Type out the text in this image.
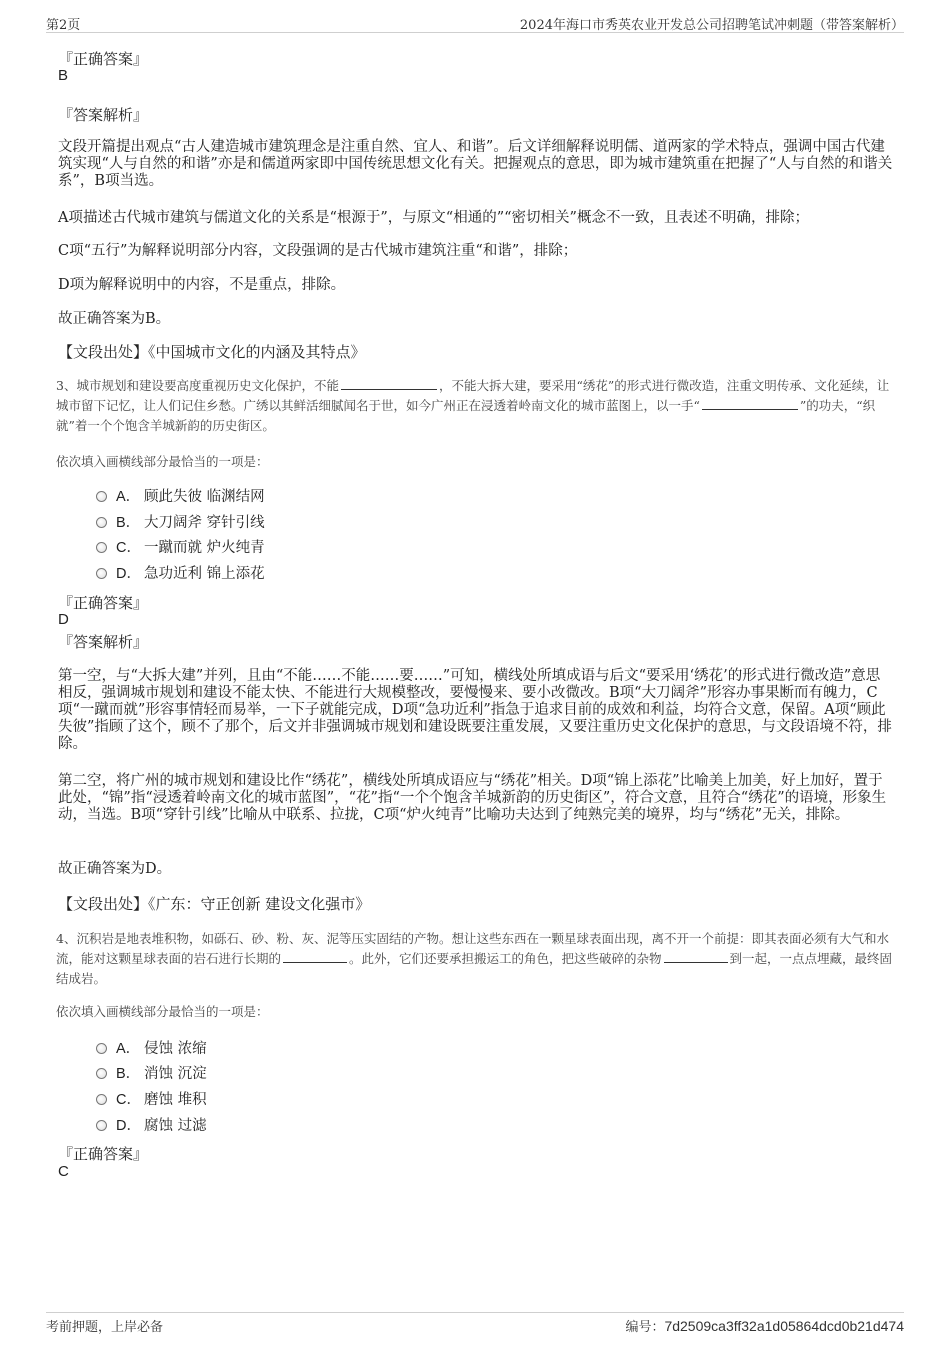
第2页	2024年海口市秀英农业开发总公司招聘笔试冲刺题（带答案解析）
『正确答案』
B
『答案解析』
文段开篇提出观点“古人建造城市建筑理念是注重自然、宜人、和谐”。后文详细解释说明儒、道两家的学术特点，强调中国古代建筑实现“人与自然的和谐”亦是和儒道两家即中国传统思想文化有关。把握观点的意思，即为城市建筑重在把握了“人与自然的和谐关系”，B项当选。
A项描述古代城市建筑与儒道文化的关系是“根源于”，与原文“相通的”“密切相关”概念不一致，且表述不明确，排除；
C项“五行”为解释说明部分内容，文段强调的是古代城市建筑注重“和谐”，排除；
D项为解释说明中的内容，不是重点，排除。
故正确答案为B。
【文段出处】《中国城市文化的内涵及其特点》
3、城市规划和建设要高度重视历史文化保护，不能	，不能大拆大建，要采用“绣花”的形式进行微改造，注重文明传承、文化延续，让城市留下记忆，让人们记住乡愁。广绣以其鲜活细腻闻名于世，如今广州正在浸透着岭南文化的城市蓝图上，以一手“	”的功夫，“织就”着一个个饱含羊城新韵的历史街区。
依次填入画横线部分最恰当的一项是：
A． 顾此失彼 临渊结网
B． 大刀阔斧 穿针引线
C． 一蹴而就 炉火纯青
D． 急功近利 锦上添花
『正确答案』
D
『答案解析』
第一空，与“大拆大建”并列，且由“不能……不能……要……”可知，横线处所填成语与后文“要采用‘绣花’的形式进行微改造”意思相反，强调城市规划和建设不能太快、不能进行大规模整改，要慢慢来、要小改微改。B项“大刀阔斧”形容办事果断而有魄力，C项“一蹴而就”形容事情轻而易举，一下子就能完成，D项“急功近利”指急于追求目前的成效和利益，均符合文意，保留。A项“顾此失彼”指顾了这个，顾不了那个，后文并非强调城市规划和建设既要注重发展，又要注重历史文化保护的意思，与文段语境不符，排除。
第二空，将广州的城市规划和建设比作“绣花”，横线处所填成语应与“绣花”相关。D项“锦上添花”比喻美上加美，好上加好，置于此处，“锦”指“浸透着岭南文化的城市蓝图”，“花”指“一个个饱含羊城新韵的历史街区”，符合文意，且符合“绣花”的语境，形象生动，当选。B项“穿针引线”比喻从中联系、拉拢，C项“炉火纯青”比喻功夫达到了纯熟完美的境界，均与“绣花”无关，排除。
故正确答案为D。
【文段出处】《广东：守正创新 建设文化强市》
4、沉积岩是地表堆积物，如砾石、砂、粉、灰、泥等压实固结的产物。想让这些东西在一颗星球表面出现，离不开一个前提：即其表面必须有大气和水流，能对这颗星球表面的岩石进行长期的	。此外，它们还要承担搬运工的角色，把这些破碎的杂物	到一起，一点点埋藏，最终固结成岩。
依次填入画横线部分最恰当的一项是：
A． 侵蚀 浓缩
B． 消蚀 沉淀
C． 磨蚀 堆积
D． 腐蚀 过滤
『正确答案』
C
考前押题，上岸必备	编号：7d2509ca3ff32a1d05864dcd0b21d474
